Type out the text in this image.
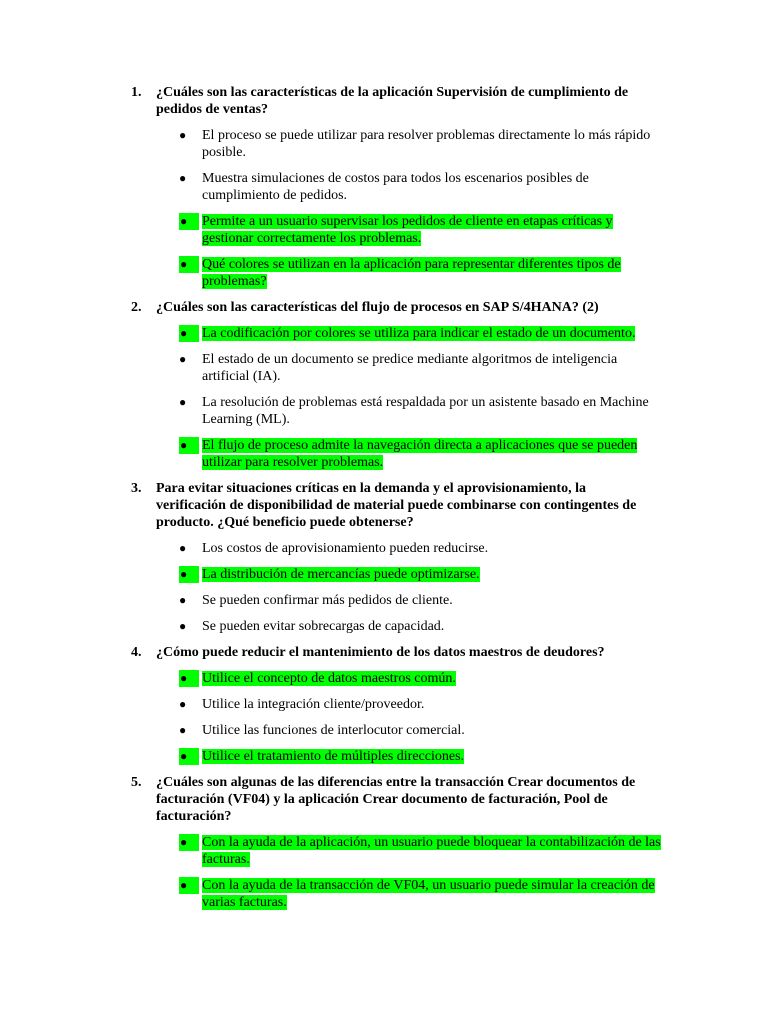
1. ¿Cuáles son las características de la aplicación Supervisión de cumplimiento de pedidos de ventas?
● El proceso se puede utilizar para resolver problemas directamente lo más rápido posible.
● Muestra simulaciones de costos para todos los escenarios posibles de cumplimiento de pedidos.
●	Permite a un usuario supervisar los pedidos de cliente en etapas críticas y gestionar correctamente los problemas.
●	Qué colores se utilizan en la aplicación para representar diferentes tipos de problemas?
2. ¿Cuáles son las características del flujo de procesos en SAP S/4HANA? (2)
●	La codificación por colores se utiliza para indicar el estado de un documento.
● El estado de un documento se predice mediante algoritmos de inteligencia artificial (IA).
● La resolución de problemas está respaldada por un asistente basado en Machine Learning (ML).
●	El flujo de proceso admite la navegación directa a aplicaciones que se pueden utilizar para resolver problemas.
3. Para evitar situaciones críticas en la demanda y el aprovisionamiento, la verificación de disponibilidad de material puede combinarse con contingentes de producto. ¿Qué beneficio puede obtenerse?
● Los costos de aprovisionamiento pueden reducirse.
●	La distribución de mercancías puede optimizarse.
● Se pueden confirmar más pedidos de cliente.
● Se pueden evitar sobrecargas de capacidad.
4. ¿Cómo puede reducir el mantenimiento de los datos maestros de deudores?
●	Utilice el concepto de datos maestros común.
● Utilice la integración cliente/proveedor.
● Utilice las funciones de interlocutor comercial.
●	Utilice el tratamiento de múltiples direcciones.
5. ¿Cuáles son algunas de las diferencias entre la transacción Crear documentos de facturación (VF04) y la aplicación Crear documento de facturación, Pool de facturación?
●	Con la ayuda de la aplicación, un usuario puede bloquear la contabilización de las facturas.
●	Con la ayuda de la transacción de VF04, un usuario puede simular la creación de varias facturas.
